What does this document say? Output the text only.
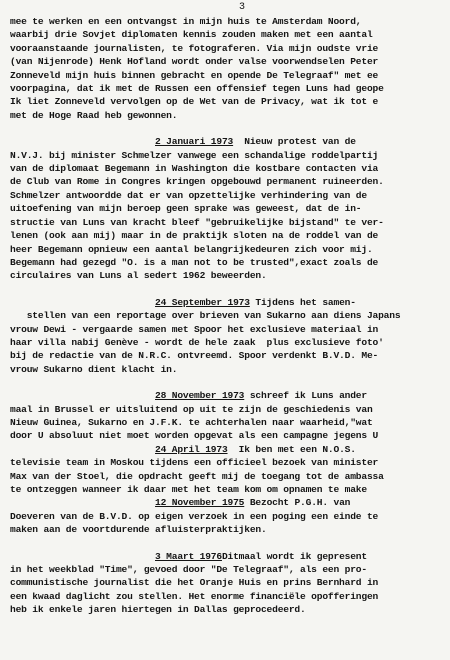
3
mee te werken en een ontvangst in mijn huis te Amsterdam Noord,
waarbij drie Sovjet diplomaten kennis zouden maken met een aantal
vooraanstaande journalisten, te fotograferen. Via mijn oudste vrie
(van Nijenrode) Henk Hofland wordt onder valse voorwendselen Peter
Zonneveld mijn huis binnen gebracht en opende De Telegraaf" met ee
voorpagina, dat ik met de Russen een offensief tegen Luns had geope
Ik liet Zonneveld vervolgen op de Wet van de Privacy, wat ik tot e
met de Hoge Raad heb gewonnen.
2 Januari 1973  Nieuw protest van de
N.V.J. bij minister Schmelzer vanwege een schandalige roddelpartij
van de diplomaat Begemann in Washington die kostbare contacten via
de Club van Rome in Congres kringen opgebouwd permanent ruineerden.
Schmelzer antwoordde dat er van opzettelijke verhindering van de
uitoefening van mijn beroep geen sprake was geweest, dat de in-
structie van Luns van kracht bleef "gebruikelijke bijstand" te ver-
lenen (ook aan mij) maar in de praktijk sloten na de roddel van de
heer Begemann opnieuw een aantal belangrijkedeuren zich voor mij.
Begemann had gezegd "O. is a man not to be trusted",exact zoals de
circulaires van Luns al sedert 1962 beweerden.
24 September 1973 Tijdens het samen-
stellen van een reportage over brieven van Sukarno aan diens Japans
vrouw Dewi - vergaarde samen met Spoor het exclusieve materiaal in
haar villa nabij Genève - wordt de hele zaak  plus exclusieve foto'
bij de redactie van de N.R.C. ontvreemd. Spoor verdenkt B.V.D. Me-
vrouw Sukarno dient klacht in.
28 November 1973 schreef ik Luns ander
maal in Brussel er uitsluitend op uit te zijn de geschiedenis van
Nieuw Guinea, Sukarno en J.F.K. te achterhalen naar waarheid,"wat
door U absoluut niet moet worden opgevat als een campagne jegens U
24 April 1973  Ik ben met een N.O.S.
televisie team in Moskou tijdens een officieel bezoek van minister
Max van der Stoel, die opdracht geeft mij de toegang tot de ambassa
te ontzeggen wanneer ik daar met het team kom om opnamen te make
12 November 1975 Bezocht P.G.H. van
Doeveren van de B.V.D. op eigen verzoek in een poging een einde te
maken aan de voortdurende afluisterpraktijken.
3 Maart 1976Ditmaal wordt ik gepresent
in het weekblad "Time", gevoed door "De Telegraaf", als een pro-
communistische journalist die het Oranje Huis en prins Bernhard in
een kwaad daglicht zou stellen. Het enorme financiële opofferingen
heb ik enkele jaren hiertegen in Dallas geprocedeerd.
